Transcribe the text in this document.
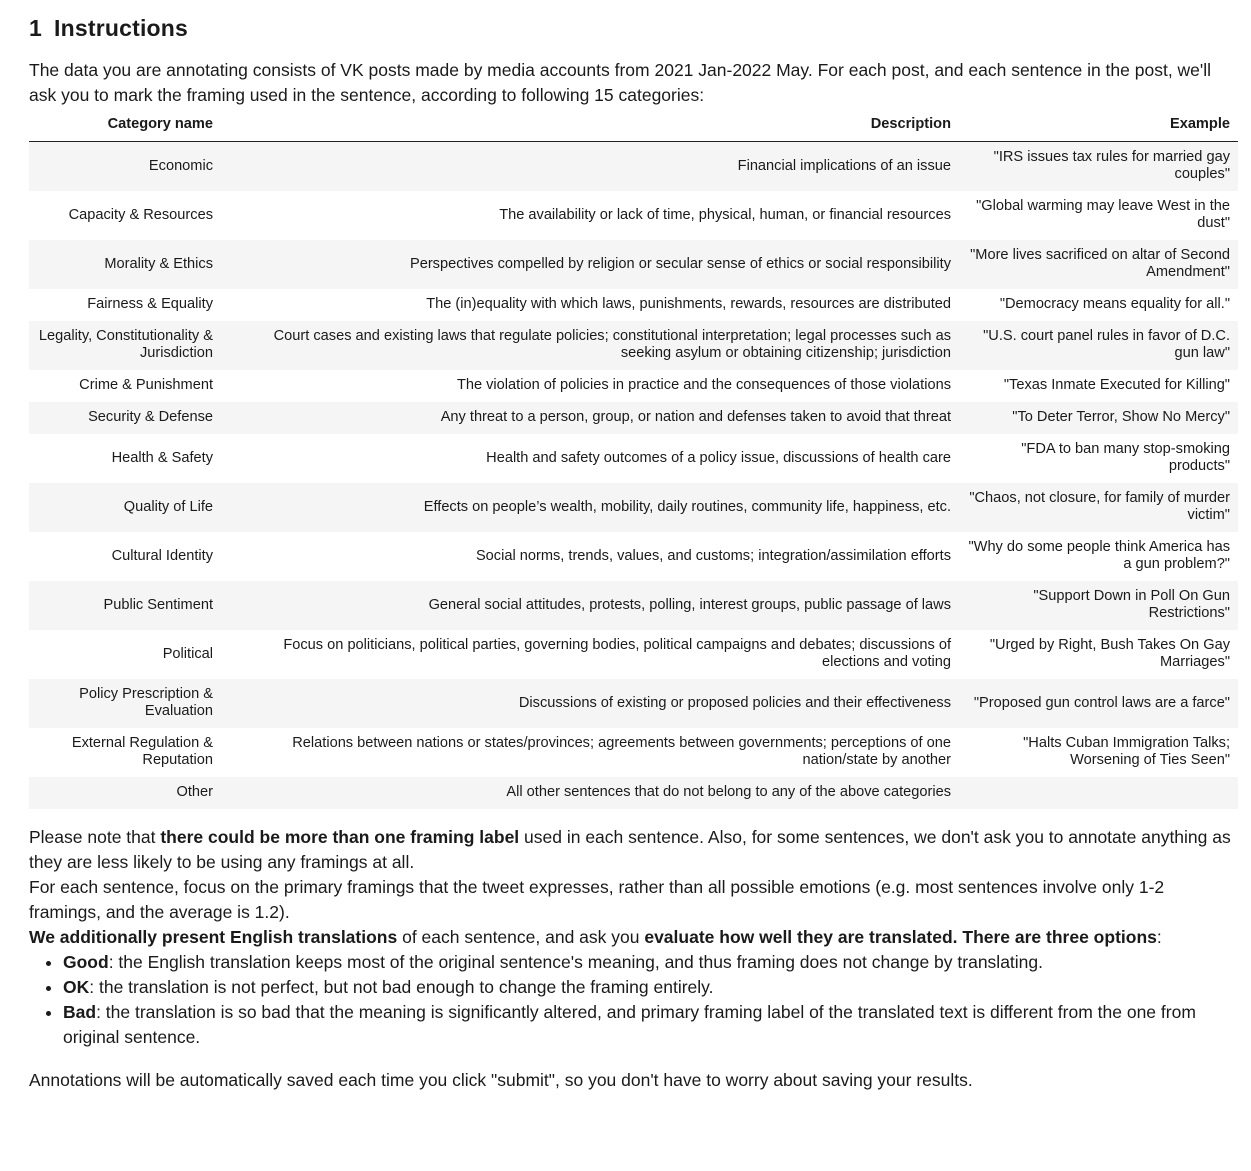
1 Instructions

The data you are annotating consists of VK posts made by media accounts from 2021 Jan-2022 May. For each post, and each sentence in the post, we'll ask you to mark the framing used in the sentence, according to following 15 categories:

Category name	Description	Example
Economic	Financial implications of an issue	"IRS issues tax rules for married gay couples"
Capacity & Resources	The availability or lack of time, physical, human, or financial resources	"Global warming may leave West in the dust"
Morality & Ethics	Perspectives compelled by religion or secular sense of ethics or social responsibility	"More lives sacrificed on altar of Second Amendment"
Fairness & Equality	The (in)equality with which laws, punishments, rewards, resources are distributed	"Democracy means equality for all."
Legality, Constitutionality & Jurisdiction	Court cases and existing laws that regulate policies; constitutional interpretation; legal processes such as seeking asylum or obtaining citizenship; jurisdiction	"U.S. court panel rules in favor of D.C. gun law"
Crime & Punishment	The violation of policies in practice and the consequences of those violations	"Texas Inmate Executed for Killing"
Security & Defense	Any threat to a person, group, or nation and defenses taken to avoid that threat	"To Deter Terror, Show No Mercy"
Health & Safety	Health and safety outcomes of a policy issue, discussions of health care	"FDA to ban many stop-smoking products"
Quality of Life	Effects on people’s wealth, mobility, daily routines, community life, happiness, etc.	"Chaos, not closure, for family of murder victim"
Cultural Identity	Social norms, trends, values, and customs; integration/assimilation efforts	"Why do some people think America has a gun problem?"
Public Sentiment	General social attitudes, protests, polling, interest groups, public passage of laws	"Support Down in Poll On Gun Restrictions"
Political	Focus on politicians, political parties, governing bodies, political campaigns and debates; discussions of elections and voting	"Urged by Right, Bush Takes On Gay Marriages"
Policy Prescription & Evaluation	Discussions of existing or proposed policies and their effectiveness	"Proposed gun control laws are a farce"
External Regulation & Reputation	Relations between nations or states/provinces; agreements between governments; perceptions of one nation/state by another	"Halts Cuban Immigration Talks; Worsening of Ties Seen"
Other	All other sentences that do not belong to any of the above categories	

Please note that there could be more than one framing label used in each sentence. Also, for some sentences, we don't ask you to annotate anything as they are less likely to be using any framings at all.

For each sentence, focus on the primary framings that the tweet expresses, rather than all possible emotions (e.g. most sentences involve only 1-2 framings, and the average is 1.2).

We additionally present English translations of each sentence, and ask you evaluate how well they are translated. There are three options:

• Good: the English translation keeps most of the original sentence's meaning, and thus framing does not change by translating.
• OK: the translation is not perfect, but not bad enough to change the framing entirely.
• Bad: the translation is so bad that the meaning is significantly altered, and primary framing label of the translated text is different from the one from original sentence.

Annotations will be automatically saved each time you click "submit", so you don't have to worry about saving your results.
